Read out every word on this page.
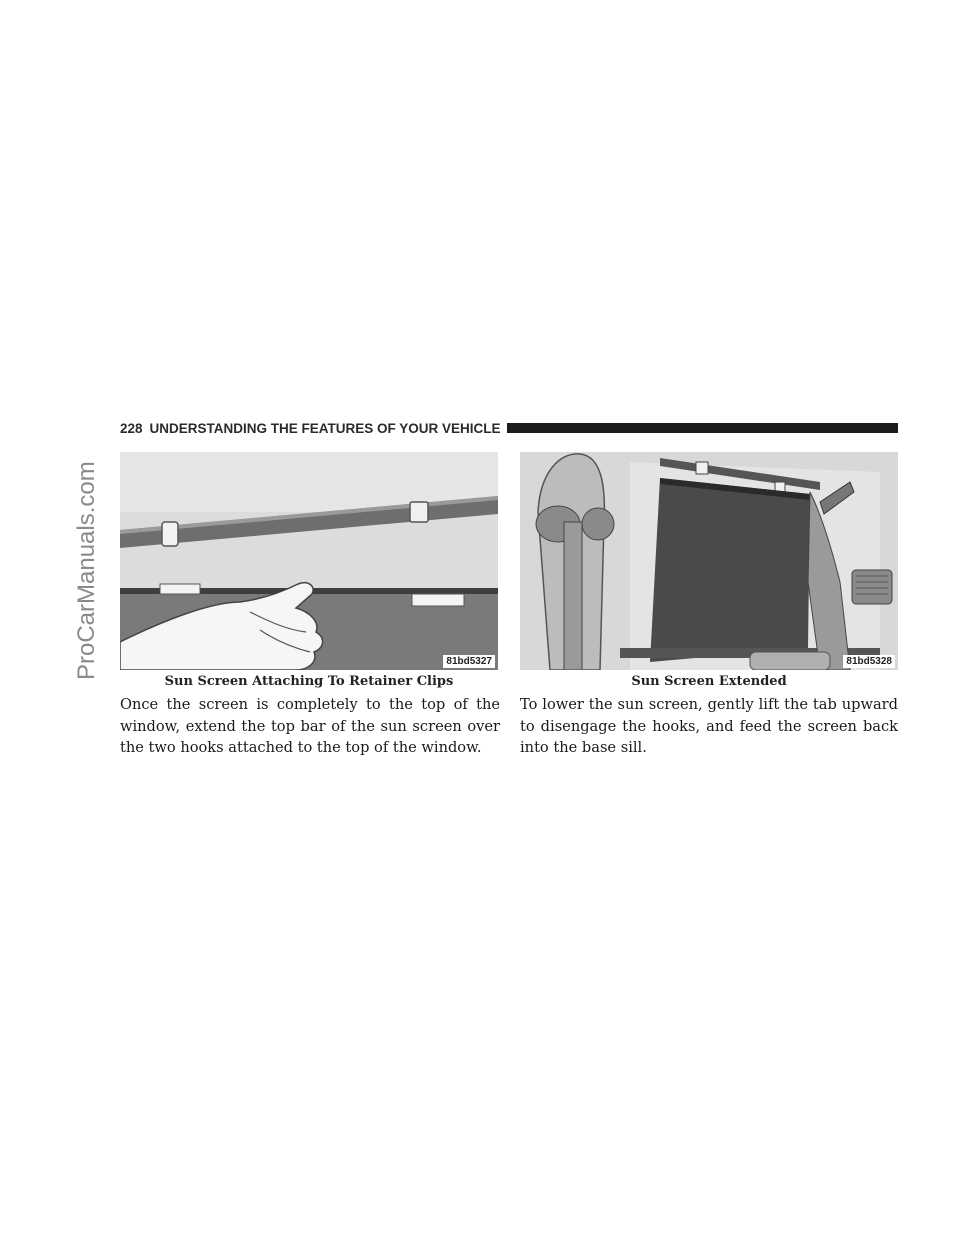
ProCarManuals.com
228 UNDERSTANDING THE FEATURES OF YOUR VEHICLE
81bd5327	81bd5328
Sun Screen Attaching To Retainer Clips	Sun Screen Extended

Once the screen is completely to the top of the window, extend the top bar of the sun screen over the two hooks attached to the top of the window.

To lower the sun screen, gently lift the tab upward to disengage the hooks, and feed the screen back into the base sill.
